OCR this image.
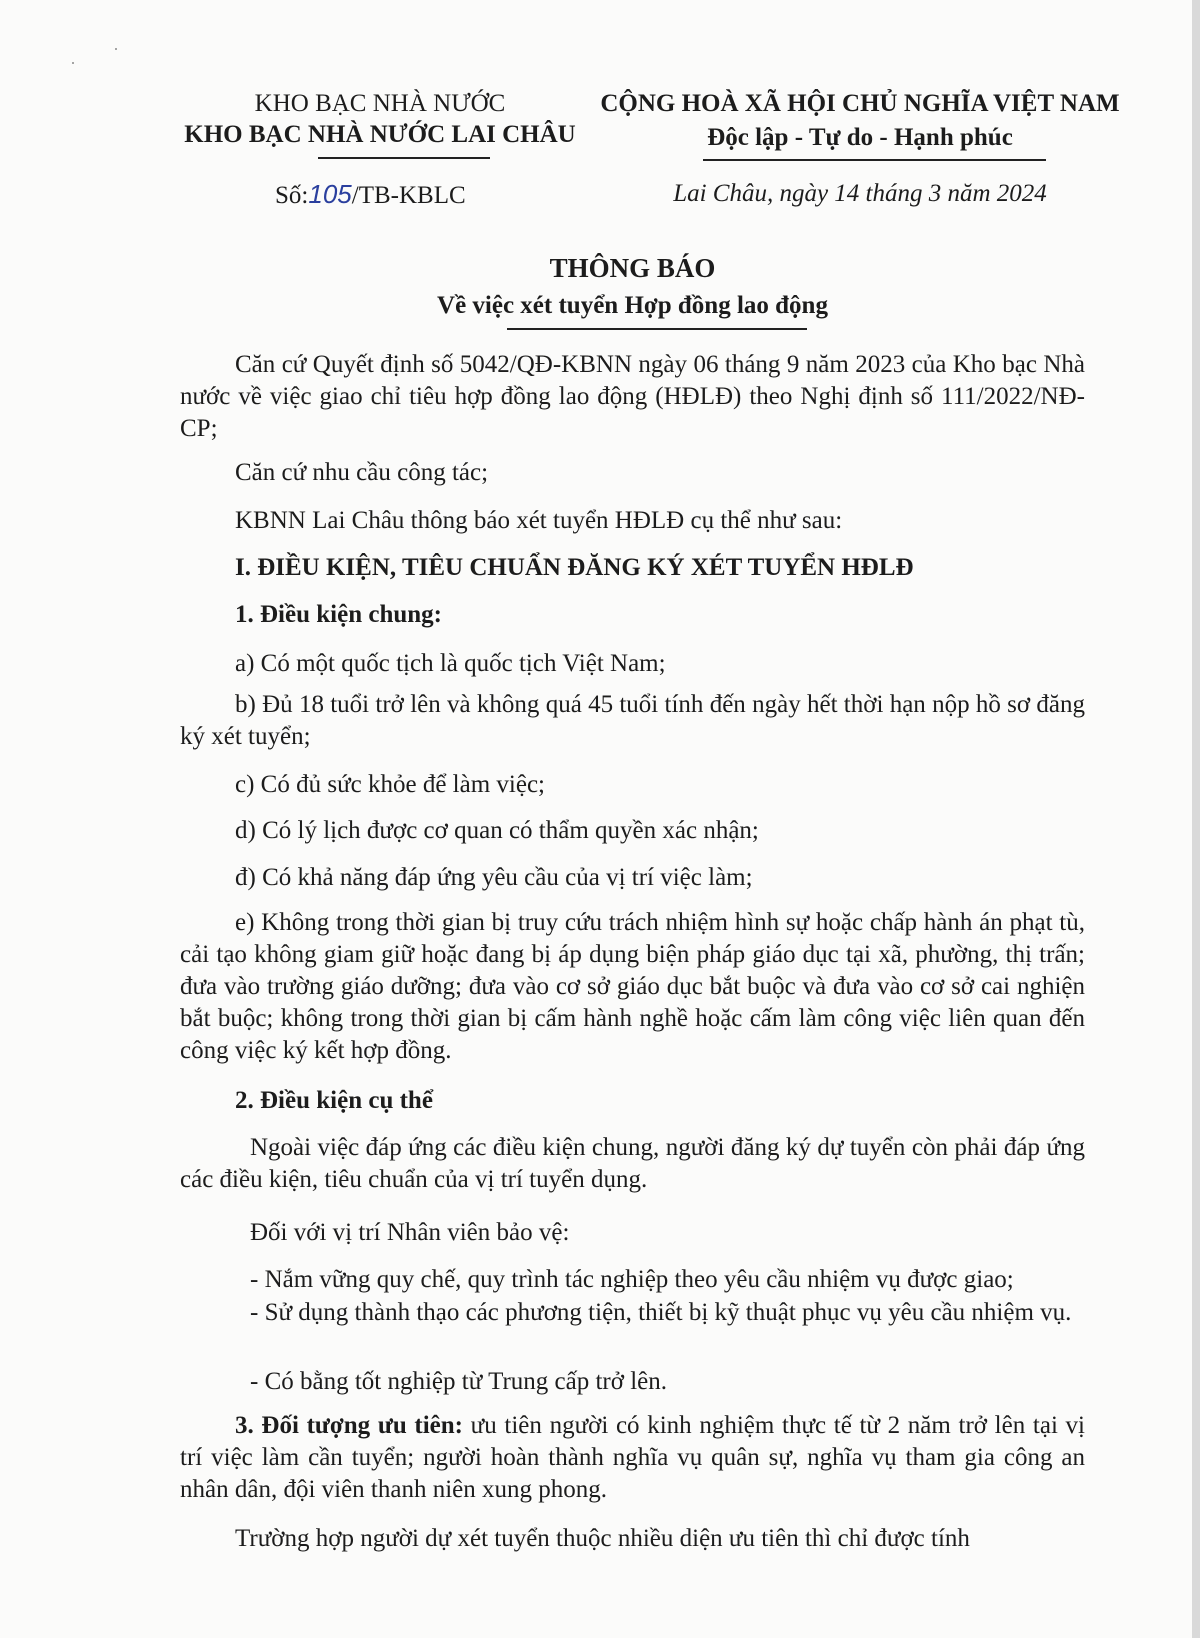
KHO BẠC NHÀ NƯỚC
KHO BẠC NHÀ NƯỚC LAI CHÂU
Số:105/TB-KBLC
CỘNG HOÀ XÃ HỘI CHỦ NGHĨA VIỆT NAM
Độc lập - Tự do - Hạnh phúc
Lai Châu, ngày 14 tháng 3 năm 2024
THÔNG BÁO
Về việc xét tuyển Hợp đồng lao động
Căn cứ Quyết định số 5042/QĐ-KBNN ngày 06 tháng 9 năm 2023 của Kho bạc Nhà nước về việc giao chỉ tiêu hợp đồng lao động (HĐLĐ) theo Nghị định số 111/2022/NĐ-CP;
Căn cứ nhu cầu công tác;
KBNN Lai Châu thông báo xét tuyển HĐLĐ cụ thể như sau:
I. ĐIỀU KIỆN, TIÊU CHUẨN ĐĂNG KÝ XÉT TUYỂN HĐLĐ
1. Điều kiện chung:
a) Có một quốc tịch là quốc tịch Việt Nam;
b) Đủ 18 tuổi trở lên và không quá 45 tuổi tính đến ngày hết thời hạn nộp hồ sơ đăng ký xét tuyển;
c) Có đủ sức khỏe để làm việc;
d) Có lý lịch được cơ quan có thẩm quyền xác nhận;
đ) Có khả năng đáp ứng yêu cầu của vị trí việc làm;
e) Không trong thời gian bị truy cứu trách nhiệm hình sự hoặc chấp hành án phạt tù, cải tạo không giam giữ hoặc đang bị áp dụng biện pháp giáo dục tại xã, phường, thị trấn; đưa vào trường giáo dưỡng; đưa vào cơ sở giáo dục bắt buộc và đưa vào cơ sở cai nghiện bắt buộc; không trong thời gian bị cấm hành nghề hoặc cấm làm công việc liên quan đến công việc ký kết hợp đồng.
2. Điều kiện cụ thể
Ngoài việc đáp ứng các điều kiện chung, người đăng ký dự tuyển còn phải đáp ứng các điều kiện, tiêu chuẩn của vị trí tuyển dụng.
Đối với vị trí Nhân viên bảo vệ:
- Nắm vững quy chế, quy trình tác nghiệp theo yêu cầu nhiệm vụ được giao;
- Sử dụng thành thạo các phương tiện, thiết bị kỹ thuật phục vụ yêu cầu nhiệm vụ.
- Có bằng tốt nghiệp từ Trung cấp trở lên.
3. Đối tượng ưu tiên: ưu tiên người có kinh nghiệm thực tế từ 2 năm trở lên tại vị trí việc làm cần tuyển; người hoàn thành nghĩa vụ quân sự, nghĩa vụ tham gia công an nhân dân, đội viên thanh niên xung phong.
Trường hợp người dự xét tuyển thuộc nhiều diện ưu tiên thì chỉ được tính
